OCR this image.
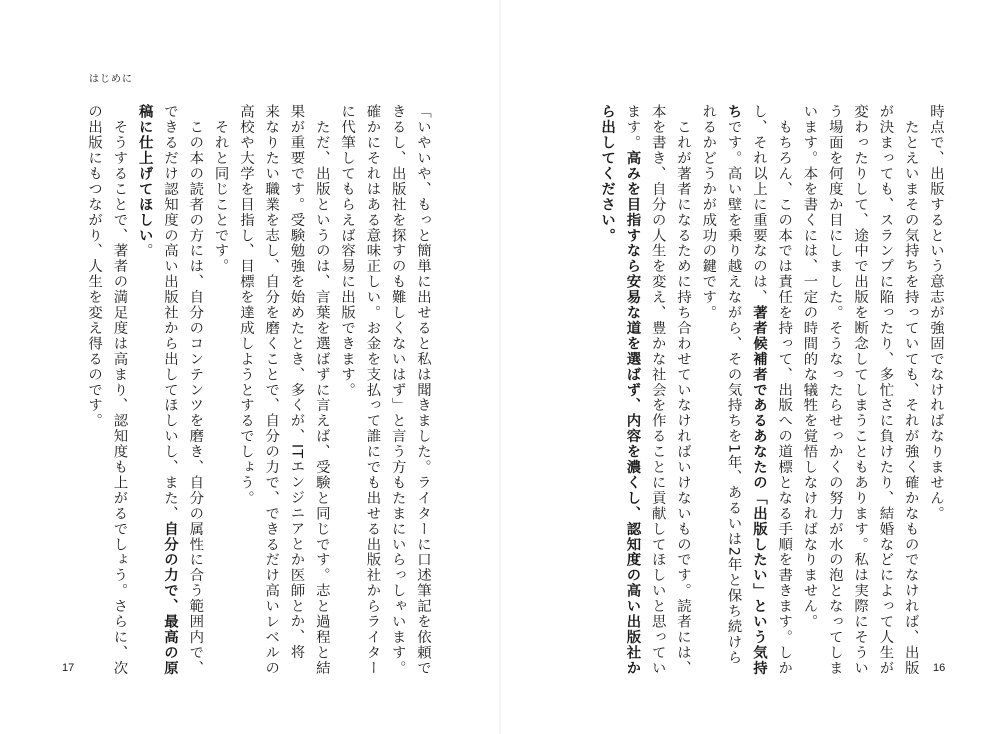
はじめに
時点で、出版するという意志が強固でなければなりません。
　たとえいまその気持ちを持っていても、それが強く確かなものでなければ、出版
が決まっても、スランプに陥ったり、多忙さに負けたり、結婚などによって人生が
変わったりして、途中で出版を断念してしまうこともあります。私は実際にそうい
う場面を何度か目にしました。そうなったらせっかくの努力が水の泡となってしま
います。本を書くには、一定の時間的な犠牲を覚悟しなければなりません。
　もちろん、この本では責任を持って、出版への道標となる手順を書きます。しか
し、それ以上に重要なのは、著者候補者であるあなたの「出版したい」という気持
ちです。高い壁を乗り越えながら、その気持ちを1年、あるいは2年と保ち続けら
れるかどうかが成功の鍵です。
　これが著者になるために持ち合わせていなければいけないものです。読者には、
本を書き、自分の人生を変え、豊かな社会を作ることに貢献してほしいと思ってい
ます。高みを目指すなら安易な道を選ばず、内容を濃くし、認知度の高い出版社か
ら出してください。
「いやいや、もっと簡単に出せると私は聞きました。ライターに口述筆記を依頼で
きるし、出版社を探すのも難しくないはず」と言う方もたまにいらっしゃいます。
確かにそれはある意味正しい。お金を支払って誰にでも出せる出版社からライター
に代筆してもらえば容易に出版できます。
　ただ、出版というのは、言葉を選ばずに言えば、受験と同じです。志と過程と結
果が重要です。受験勉強を始めたとき、多くが、ITエンジニアとか医師とか、将
来なりたい職業を志し、自分を磨くことで、自分の力で、できるだけ高いレベルの
高校や大学を目指し、目標を達成しようとするでしょう。
　それと同じことです。
　この本の読者の方には、自分のコンテンツを磨き、自分の属性に合う範囲内で、
できるだけ認知度の高い出版社から出してほしいし、また、自分の力で、最高の原
稿に仕上げてほしい。
　そうすることで、著者の満足度は高まり、認知度も上がるでしょう。さらに、次
の出版にもつながり、人生を変え得るのです。
17	16
